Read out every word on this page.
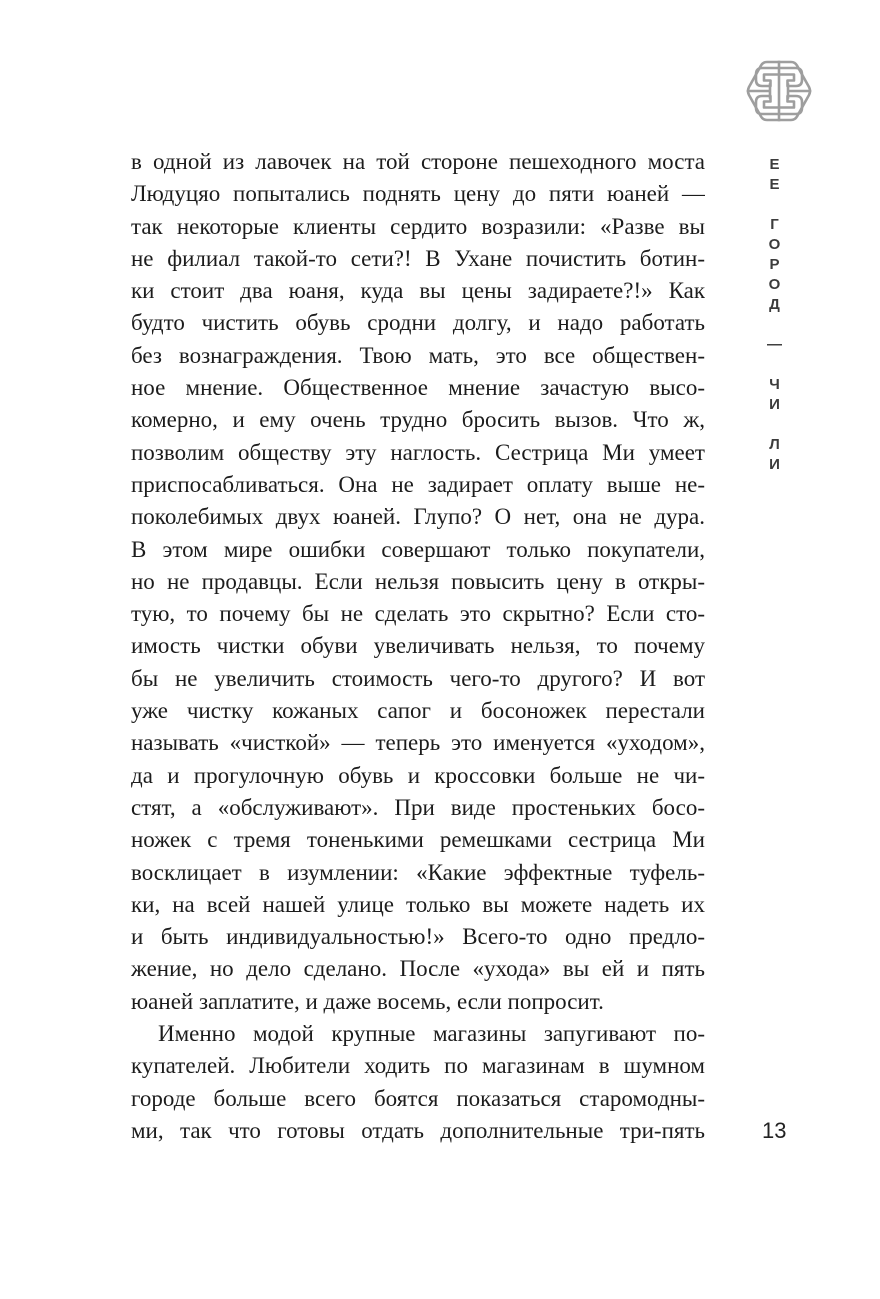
ЕЕ ГОРОД — ЧИ ЛИ
в одной из лавочек на той стороне пешеходного моста
Людуцяо попытались поднять цену до пяти юаней —
так некоторые клиенты сердито возразили: «Разве вы
не филиал такой-то сети?! В Ухане почистить ботин-
ки стоит два юаня, куда вы цены задираете?!» Как
будто чистить обувь сродни долгу, и надо работать
без вознаграждения. Твою мать, это все обществен-
ное мнение. Общественное мнение зачастую высо-
комерно, и ему очень трудно бросить вызов. Что ж,
позволим обществу эту наглость. Сестрица Ми умеет
приспосабливаться. Она не задирает оплату выше не-
поколебимых двух юаней. Глупо? О нет, она не дура.
В этом мире ошибки совершают только покупатели,
но не продавцы. Если нельзя повысить цену в откры-
тую, то почему бы не сделать это скрытно? Если сто-
имость чистки обуви увеличивать нельзя, то почему
бы не увеличить стоимость чего-то другого? И вот
уже чистку кожаных сапог и босоножек перестали
называть «чисткой» — теперь это именуется «уходом»,
да и прогулочную обувь и кроссовки больше не чи-
стят, а «обслуживают». При виде простеньких босо-
ножек с тремя тоненькими ремешками сестрица Ми
восклицает в изумлении: «Какие эффектные туфель-
ки, на всей нашей улице только вы можете надеть их
и быть индивидуальностью!» Всего-то одно предло-
жение, но дело сделано. После «ухода» вы ей и пять
юаней заплатите, и даже восемь, если попросит.
Именно модой крупные магазины запугивают по-
купателей. Любители ходить по магазинам в шумном
городе больше всего боятся показаться старомодны-
ми, так что готовы отдать дополнительные три-пять	13
